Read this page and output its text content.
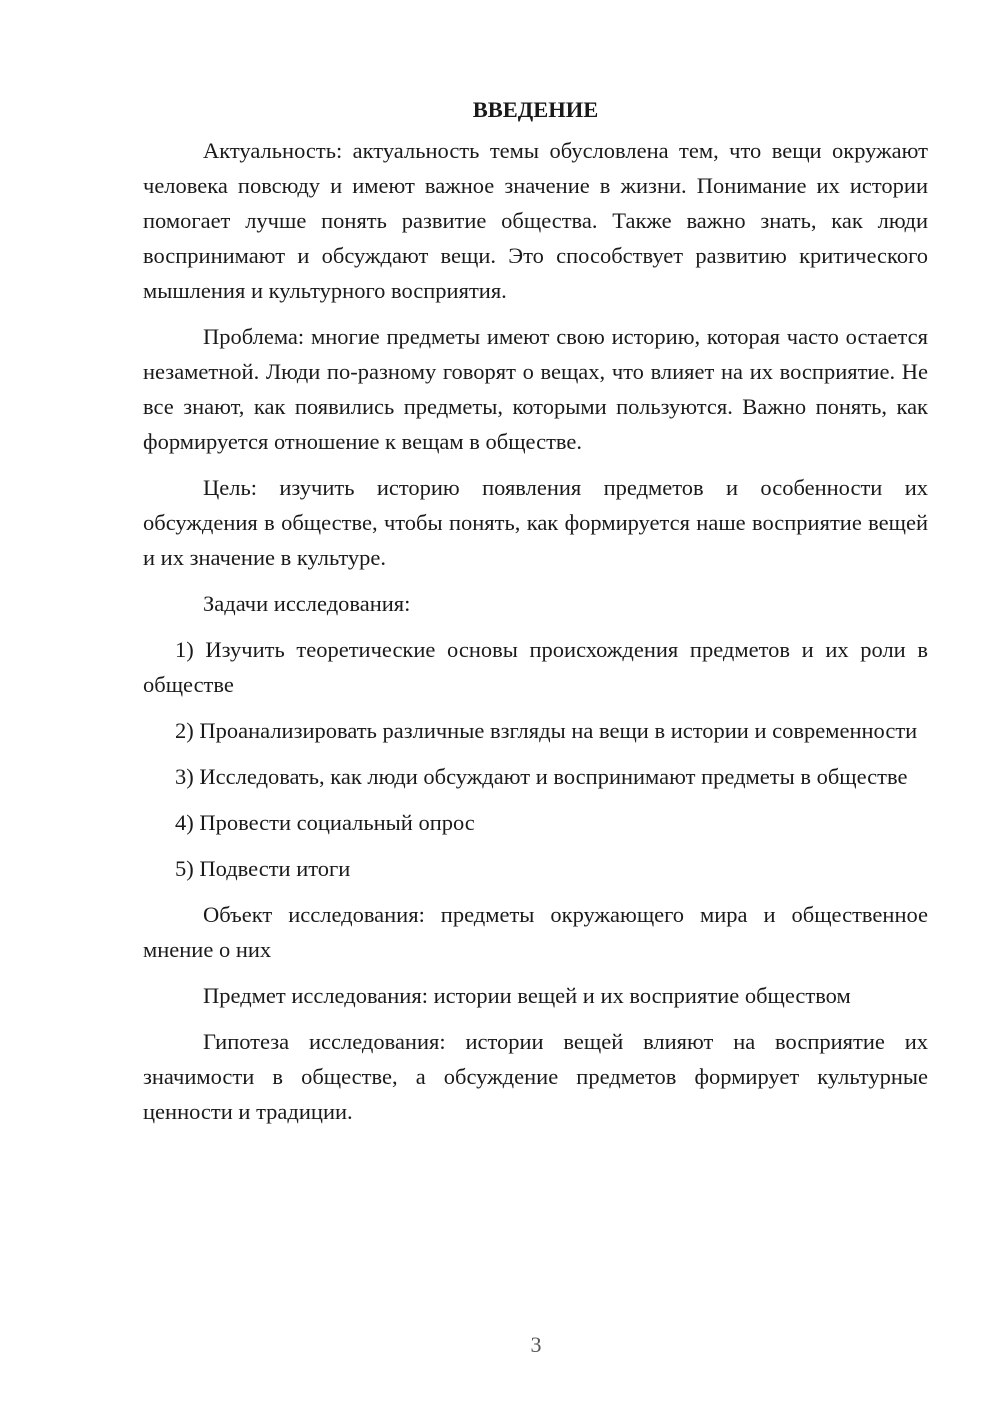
ВВЕДЕНИЕ

Актуальность: актуальность темы обусловлена тем, что вещи окружают человека повсюду и имеют важное значение в жизни. Понимание их истории помогает лучше понять развитие общества. Также важно знать, как люди воспринимают и обсуждают вещи. Это способствует развитию критического мышления и культурного восприятия.

Проблема: многие предметы имеют свою историю, которая часто остается незаметной. Люди по-разному говорят о вещах, что влияет на их восприятие. Не все знают, как появились предметы, которыми пользуются. Важно понять, как формируется отношение к вещам в обществе.

Цель: изучить историю появления предметов и особенности их обсуждения в обществе, чтобы понять, как формируется наше восприятие вещей и их значение в культуре.

Задачи исследования:

1) Изучить теоретические основы происхождения предметов и их роли в обществе

2) Проанализировать различные взгляды на вещи в истории и современности

3) Исследовать, как люди обсуждают и воспринимают предметы в обществе

4) Провести социальный опрос

5) Подвести итоги

Объект исследования: предметы окружающего мира и общественное мнение о них

Предмет исследования: истории вещей и их восприятие обществом

Гипотеза исследования: истории вещей влияют на восприятие их значимости в обществе, а обсуждение предметов формирует культурные ценности и традиции.

3
